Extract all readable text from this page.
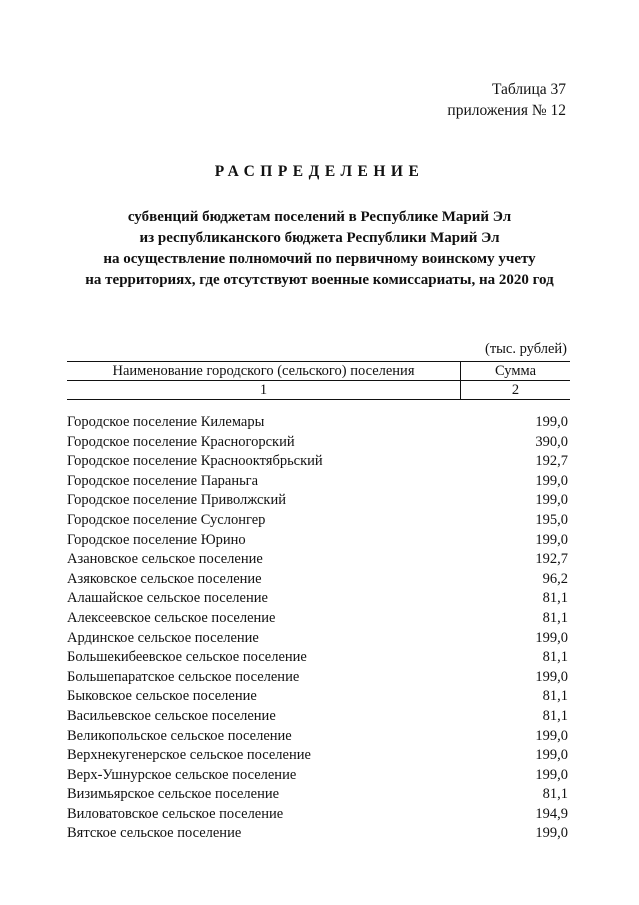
Таблица 37
приложения № 12
РАСПРЕДЕЛЕНИЕ
субвенций бюджетам поселений в Республике Марий Эл
из республиканского бюджета Республики Марий Эл
на осуществление полномочий по первичному воинскому учету
на территориях, где отсутствуют военные комиссариаты, на 2020 год
(тыс. рублей)
Наименование городского (сельского) поселения	Сумма
1	2
Городское поселение Килемары	199,0
Городское поселение Красногорский	390,0
Городское поселение Краснооктябрьский	192,7
Городское поселение Параньга	199,0
Городское поселение Приволжский	199,0
Городское поселение Суслонгер	195,0
Городское поселение Юрино	199,0
Азановское сельское поселение	192,7
Азяковское сельское поселение	96,2
Алашайское сельское поселение	81,1
Алексеевское сельское поселение	81,1
Ардинское сельское поселение	199,0
Большекибеевское сельское поселение	81,1
Большепаратское сельское поселение	199,0
Быковское сельское поселение	81,1
Васильевское сельское поселение	81,1
Великопольское сельское поселение	199,0
Верхнекугенерское сельское поселение	199,0
Верх-Ушнурское сельское поселение	199,0
Визимьярское сельское поселение	81,1
Виловатовское сельское поселение	194,9
Вятское сельское поселение	199,0
